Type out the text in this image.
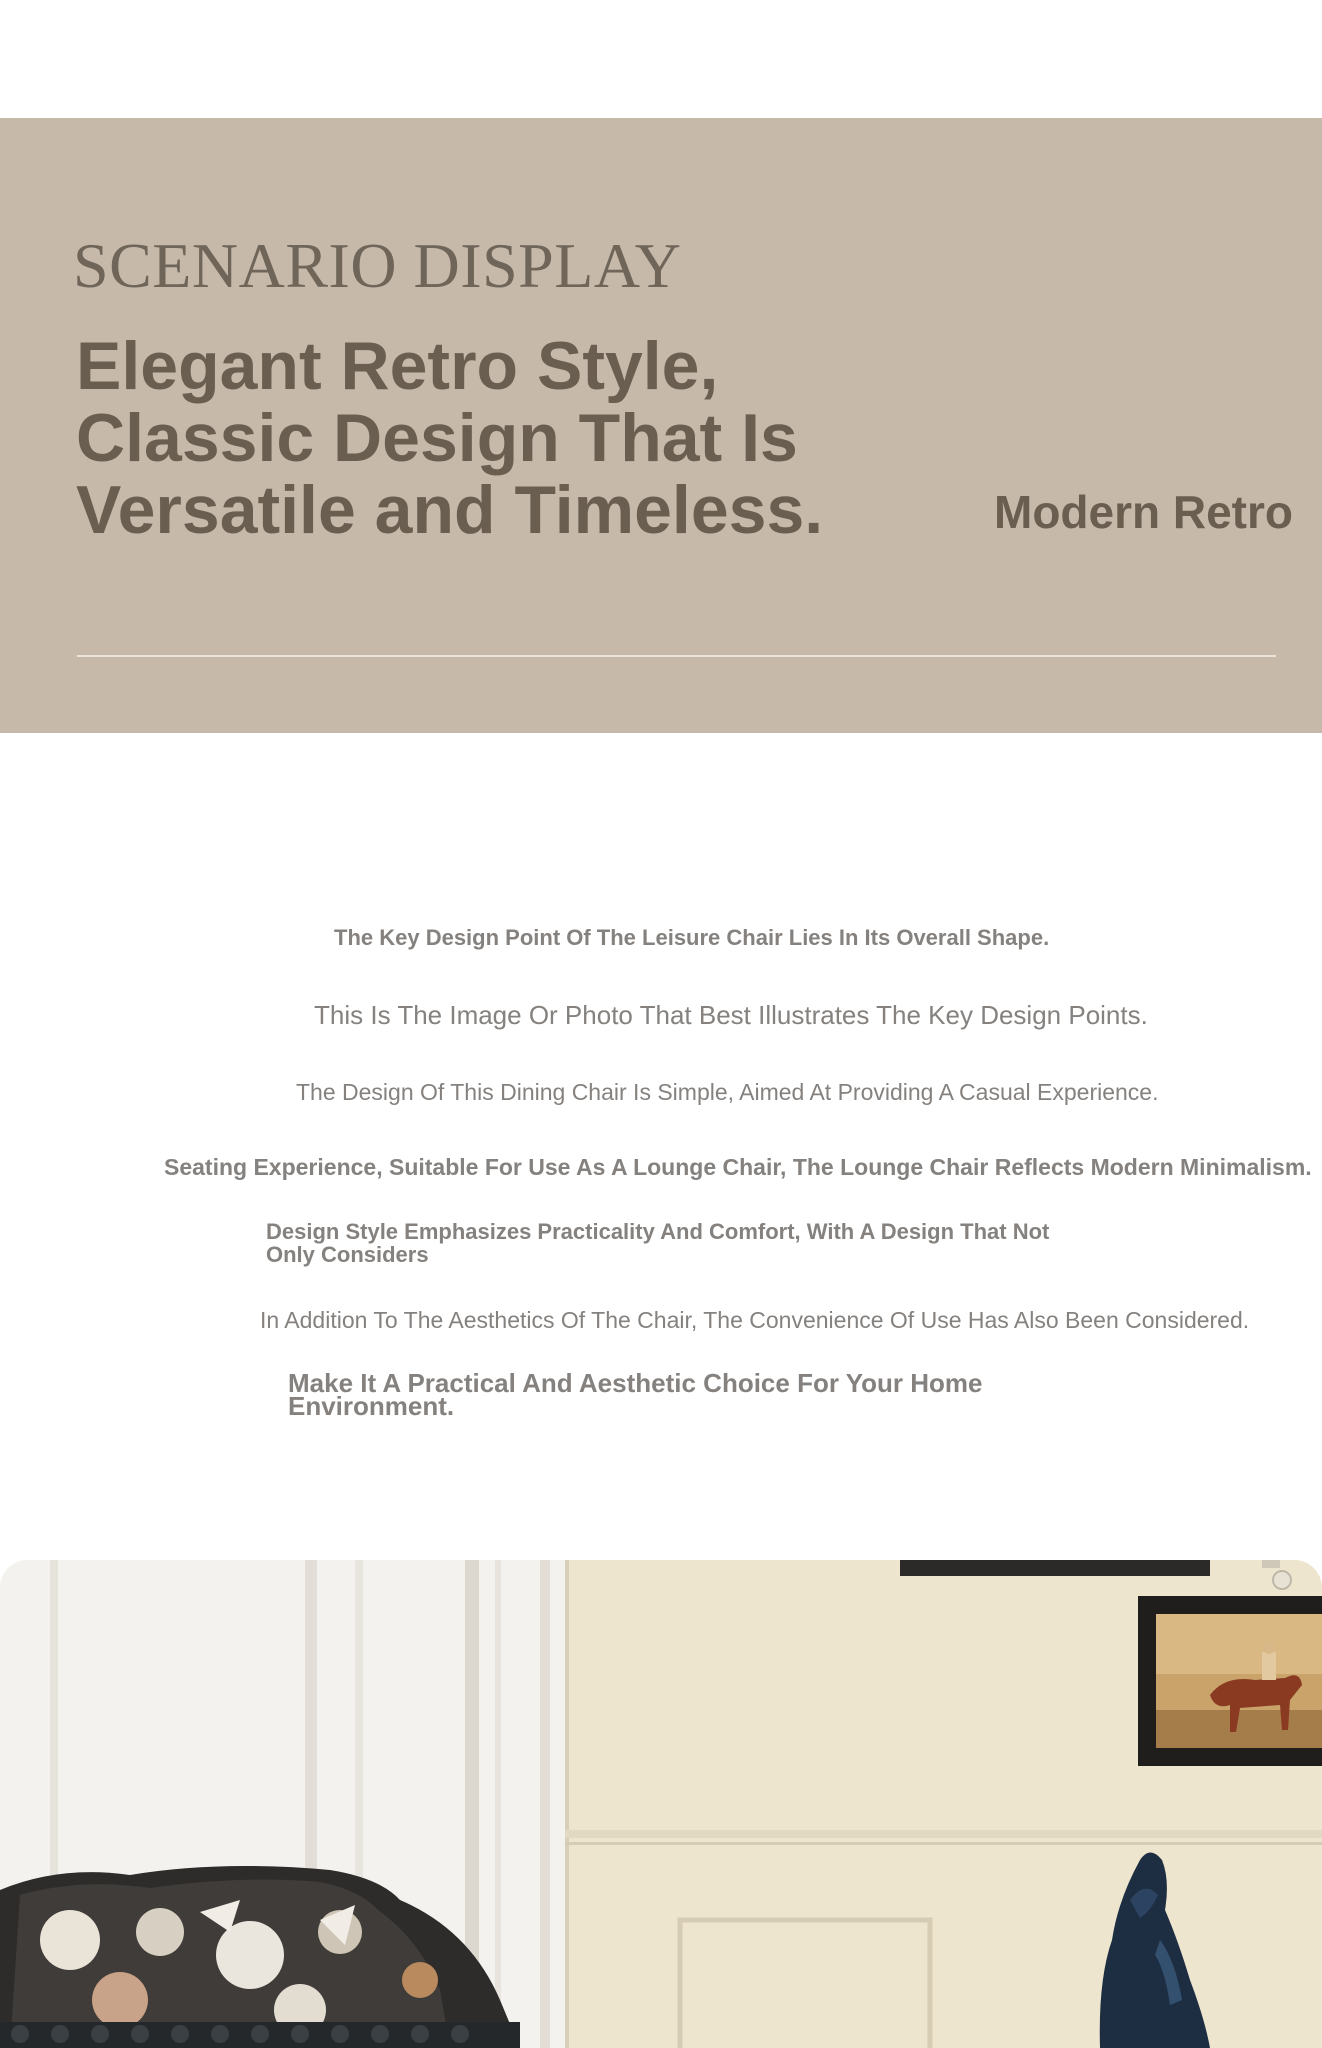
SCENARIO DISPLAY
Elegant Retro Style,
Classic Design That Is
Versatile and Timeless.	Modern Retro

The Key Design Point Of The Leisure Chair Lies In Its Overall Shape.

This Is The Image Or Photo That Best Illustrates The Key Design Points.

The Design Of This Dining Chair Is Simple, Aimed At Providing A Casual Experience.

Seating Experience, Suitable For Use As A Lounge Chair, The Lounge Chair Reflects Modern Minimalism.

Design Style Emphasizes Practicality And Comfort, With A Design That Not
Only Considers

In Addition To The Aesthetics Of The Chair, The Convenience Of Use Has Also Been Considered.

Make It A Practical And Aesthetic Choice For Your Home
Environment.
